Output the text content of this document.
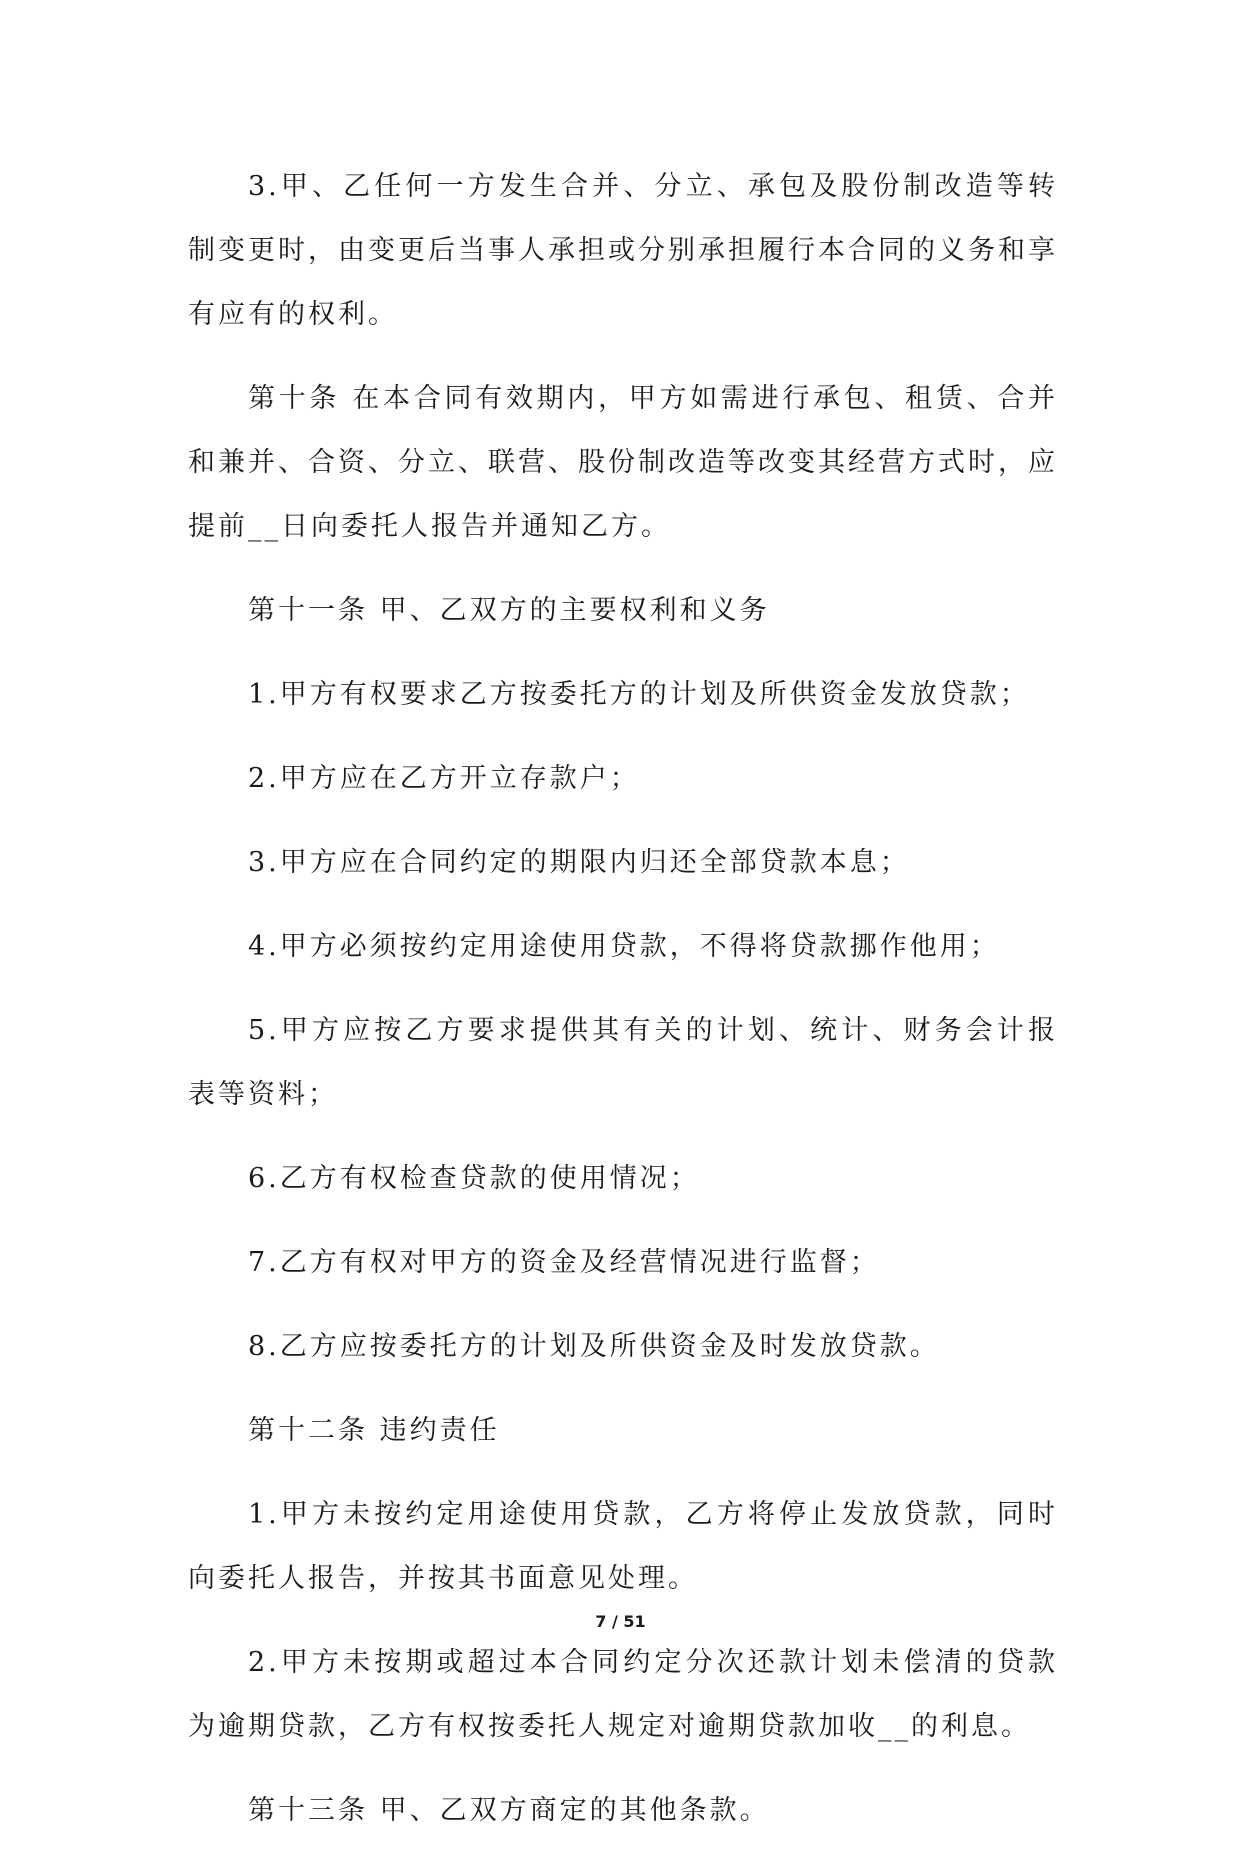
3.甲、乙任何一方发生合并、分立、承包及股份制改造等转制变更时，由变更后当事人承担或分别承担履行本合同的义务和享有应有的权利。

第十条 在本合同有效期内，甲方如需进行承包、租赁、合并和兼并、合资、分立、联营、股份制改造等改变其经营方式时，应提前__日向委托人报告并通知乙方。

第十一条 甲、乙双方的主要权利和义务

1.甲方有权要求乙方按委托方的计划及所供资金发放贷款；

2.甲方应在乙方开立存款户；

3.甲方应在合同约定的期限内归还全部贷款本息；

4.甲方必须按约定用途使用贷款，不得将贷款挪作他用；

5.甲方应按乙方要求提供其有关的计划、统计、财务会计报表等资料；

6.乙方有权检查贷款的使用情况；

7.乙方有权对甲方的资金及经营情况进行监督；

8.乙方应按委托方的计划及所供资金及时发放贷款。

第十二条 违约责任

1.甲方未按约定用途使用贷款，乙方将停止发放贷款，同时向委托人报告，并按其书面意见处理。

2.甲方未按期或超过本合同约定分次还款计划未偿清的贷款为逾期贷款，乙方有权按委托人规定对逾期贷款加收__的利息。

第十三条 甲、乙双方商定的其他条款。

7 / 51
